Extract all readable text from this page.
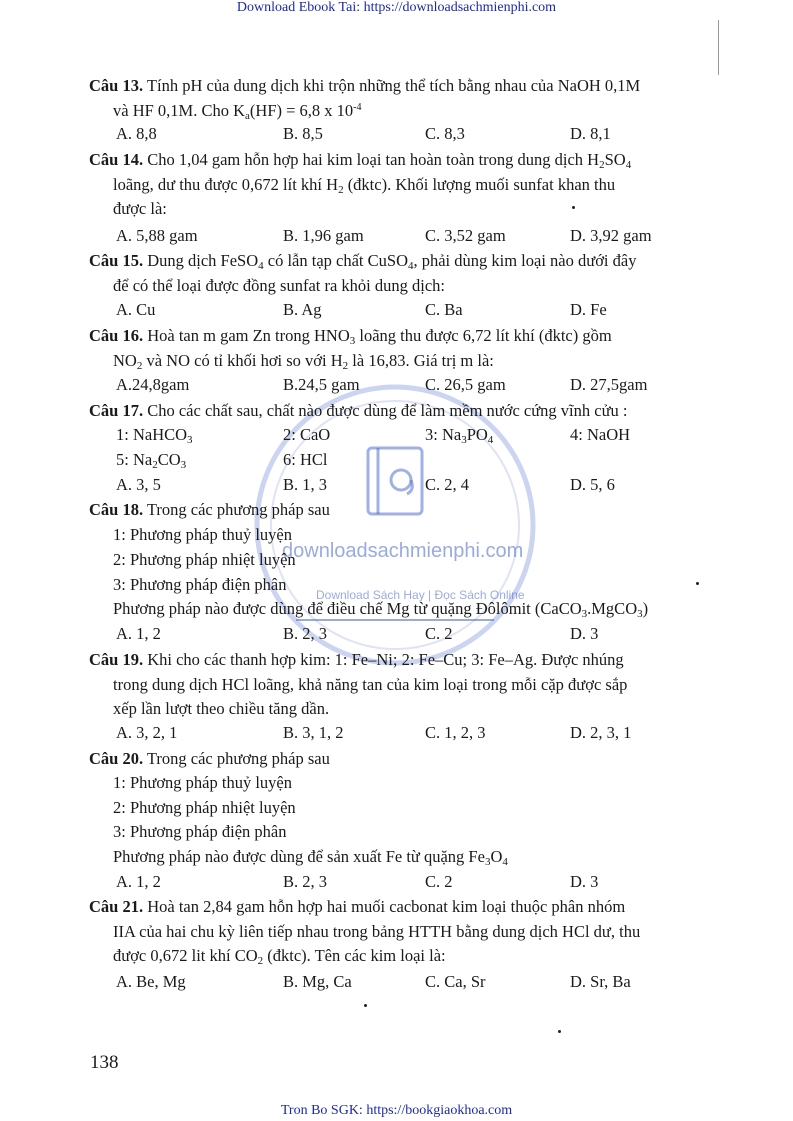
Download Ebook Tai: https://downloadsachmienphi.com
downloadsachmienphi.com
Download Sách Hay | Đọc Sách Online
Câu 13. Tính pH của dung dịch khi trộn những thể tích bằng nhau của NaOH 0,1M
và HF 0,1M. Cho $K_a(HF) = 6,8$ x $10^{-4}$
A. 8,8	B. 8,5	C. 8,3	D. 8,1
Câu 14. Cho 1,04 gam hỗn hợp hai kim loại tan hoàn toàn trong dung dịch $H_2SO_4$
loãng, dư thu được 0,672 lít khí $H_2$ (đktc). Khối lượng muối sunfat khan thu
được là:
A. 5,88 gam	B. 1,96 gam	C. 3,52 gam	D. 3,92 gam
Câu 15. Dung dịch FeSO$_4$ có lẫn tạp chất CuSO$_4$, phải dùng kim loại nào dưới đây
để có thể loại được đồng sunfat ra khỏi dung dịch:
A. Cu	B. Ag	C. Ba	D. Fe
Câu 16. Hoà tan m gam Zn trong $HNO_3$ loãng thu được 6,72 lít khí (đktc) gồm
$NO_2$ và NO có tỉ khối hơi so với $H_2$ là 16,83. Giá trị m là:
A.24,8gam	B.24,5 gam	C. 26,5 gam	D. 27,5gam
Câu 17. Cho các chất sau, chất nào được dùng để làm mềm nước cứng vĩnh cửu :
1: NaHCO$_3$	2: CaO	3: $Na_3PO_4$	4: NaOH
5: $Na_2CO_3$	6: HCl
A. 3, 5	B. 1, 3	C. 2, 4	D. 5, 6
Câu 18. Trong các phương pháp sau
1: Phương pháp thuỷ luyện
2: Phương pháp nhiệt luyện
3: Phương pháp điện phân
Phương pháp nào được dùng để điều chế Mg từ quặng Đôlômit (CaCO$_3$.MgCO$_3$)
A. 1, 2	B. 2, 3	C. 2	D. 3
Câu 19. Khi cho các thanh hợp kim: 1: Fe–Ni; 2: Fe–Cu; 3: Fe–Ag. Được nhúng
trong dung dịch HCl loãng, khả năng tan của kim loại trong mỗi cặp được sắp
xếp lần lượt theo chiều tăng dần.
A. 3, 2, 1	B. 3, 1, 2	C. 1, 2, 3	D. 2, 3, 1
Câu 20. Trong các phương pháp sau
1: Phương pháp thuỷ luyện
2: Phương pháp nhiệt luyện
3: Phương pháp điện phân
Phương pháp nào được dùng để sản xuất Fe từ quặng $Fe_3O_4$
A. 1, 2	B. 2, 3	C. 2	D. 3
Câu 21. Hoà tan 2,84 gam hỗn hợp hai muối cacbonat kim loại thuộc phân nhóm
IIA của hai chu kỳ liên tiếp nhau trong bảng HTTH bằng dung dịch HCl dư, thu
được 0,672 lit khí $CO_2$ (đktc). Tên các kim loại là:
A. Be, Mg	B. Mg, Ca	C. Ca, Sr	D. Sr, Ba
138
Tron Bo SGK: https://bookgiaokhoa.com
